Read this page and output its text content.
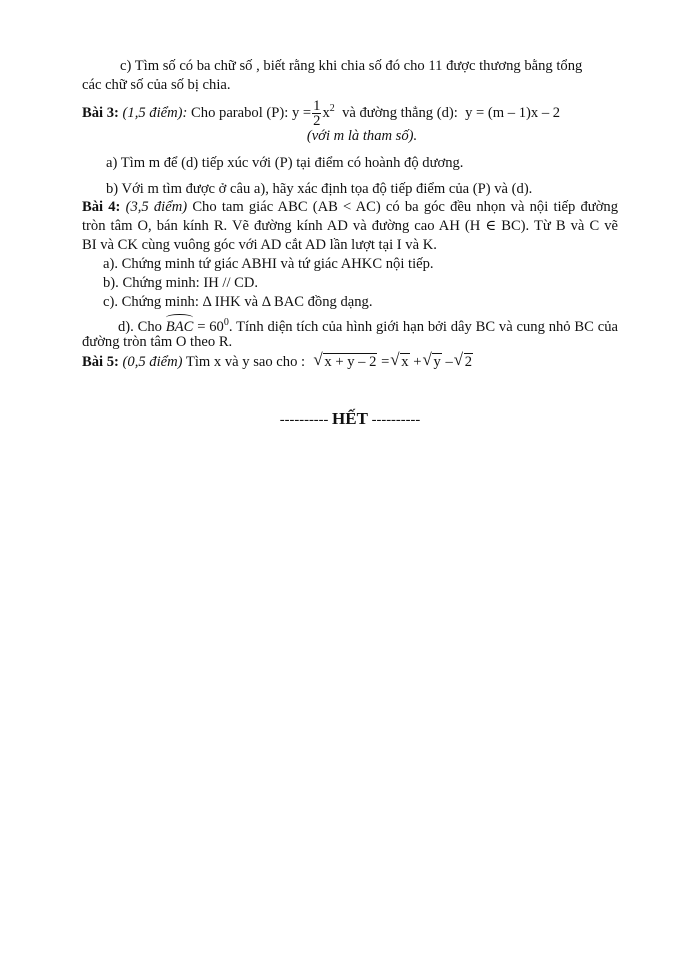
c) Tìm số có ba chữ số , biết rằng khi chia số đó cho 11 được thương bằng tổng
các chữ số của số bị chia.
Bài 3: (1,5 điểm): Cho parabol (P): $y = \frac{1}{2} x^2$ và đường thẳng (d): y = (m – 1)x – 2
(với m là tham số).
a) Tìm m để (d) tiếp xúc với (P) tại điểm có hoành độ dương.
b) Với m tìm được ở câu a), hãy xác định tọa độ tiếp điểm của (P) và (d).
Bài 4: (3,5 điểm) Cho tam giác ABC (AB < AC) có ba góc đều nhọn và nội tiếp đường
tròn tâm O, bán kính R. Vẽ đường kính AD và đường cao AH (H ∈ BC). Từ B và C vẽ
BI và CK cùng vuông góc với AD cắt AD lần lượt tại I và K.
a). Chứng minh tứ giác ABHI và tứ giác AHKC nội tiếp.
b). Chứng minh: IH // CD.
c). Chứng minh: Δ IHK và Δ BAC đồng dạng.
d). Cho BAC = $60^0$. Tính diện tích của hình giới hạn bởi dây BC và cung nhỏ BC của
đường tròn tâm O theo R.
Bài 5: (0,5 điểm) Tìm x và y sao cho : √ x + y – 2 = √ x + √ y – √ 2
---------- HẾT ----------
